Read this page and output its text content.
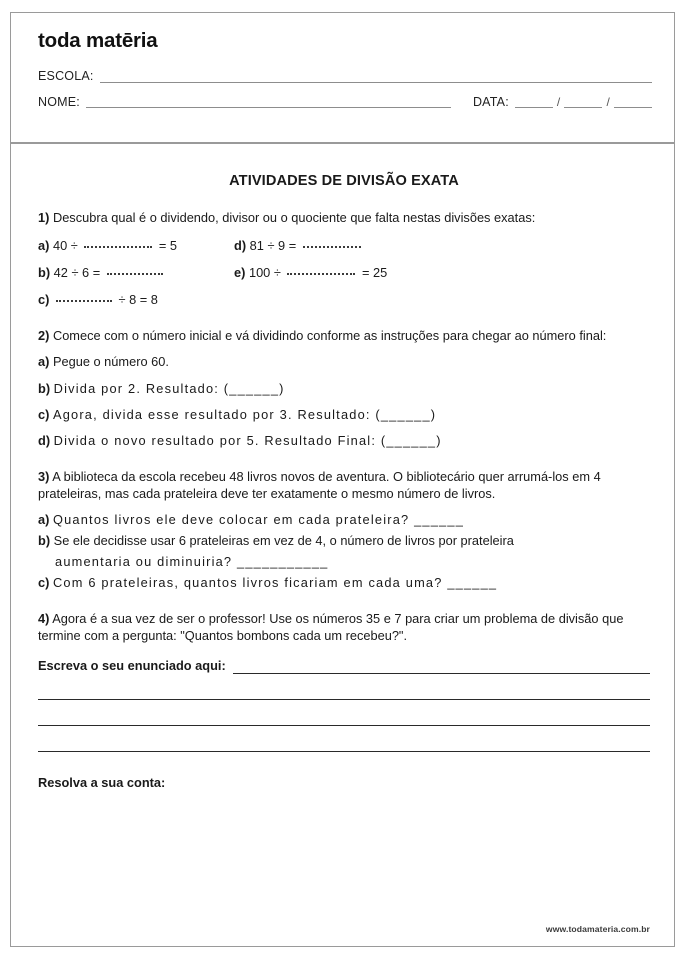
toda matēria
ESCOLA:
NOME:	DATA:	/	/
ATIVIDADES DE DIVISÃO EXATA
1) Descubra qual é o dividendo, divisor ou o quociente que falta nestas divisões exatas:
a) 40 ÷	= 5	d) 81 ÷ 9 =
b) 42 ÷ 6 =	e) 100 ÷	= 25
c)	÷ 8 = 8
2) Comece com o número inicial e vá dividindo conforme as instruções para chegar ao número final:
a) Pegue o número 60.
b) Divida por 2. Resultado: (______)
c) Agora, divida esse resultado por 3. Resultado: (______)
d) Divida o novo resultado por 5. Resultado Final: (______)
3) A biblioteca da escola recebeu 48 livros novos de aventura. O bibliotecário quer arrumá-los em 4 prateleiras, mas cada prateleira deve ter exatamente o mesmo número de livros.
a) Quantos livros ele deve colocar em cada prateleira? ______
b) Se ele decidisse usar 6 prateleiras em vez de 4, o número de livros por prateleira
aumentaria ou diminuiria? ___________
c) Com 6 prateleiras, quantos livros ficariam em cada uma? ______
4) Agora é a sua vez de ser o professor! Use os números 35 e 7 para criar um problema de divisão que termine com a pergunta: "Quantos bombons cada um recebeu?".
Escreva o seu enunciado aqui:
Resolva a sua conta:
www.todamateria.com.br
